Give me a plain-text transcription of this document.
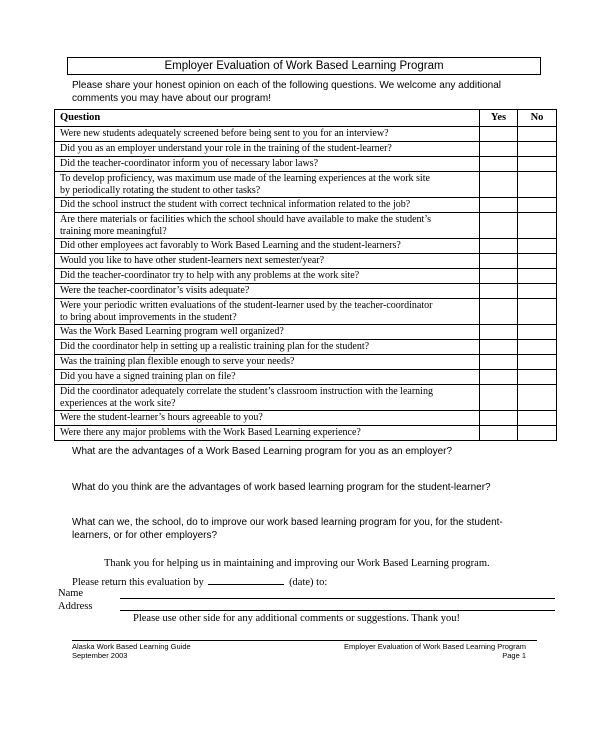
Employer Evaluation of Work Based Learning Program
Please share your honest opinion on each of the following questions. We welcome any additional
comments you may have about our program!
Question	Yes	No

Were new students adequately screened before being sent to you for an interview?		

Did you as an employer understand your role in the training of the student-learner?		

Did the teacher-coordinator inform you of necessary labor laws?		

To develop proficiency, was maximum use made of the learning experiences at the work site
by periodically rotating the student to other tasks?		

Did the school instruct the student with correct technical information related to the job?		

Are there materials or facilities which the school should have available to make the student’s
training more meaningful?		

Did other employees act favorably to Work Based Learning and the student-learners?		

Would you like to have other student-learners next semester/year?		

Did the teacher-coordinator try to help with any problems at the work site?		

Were the teacher-coordinator’s visits adequate?		

Were your periodic written evaluations of the student-learner used by the teacher-coordinator
to bring about improvements in the student?		

Was the Work Based Learning program well organized?		

Did the coordinator help in setting up a realistic training plan for the student?		

Was the training plan flexible enough to serve your needs?		

Did you have a signed training plan on file?		

Did the coordinator adequately correlate the student’s classroom instruction with the learning
experiences at the work site?		

Were the student-learner’s hours agreeable to you?		

Were there any major problems with the Work Based Learning experience?		

What are the advantages of a Work Based Learning program for you as an employer?
What do you think are the advantages of work based learning program for the student-learner?
What can we, the school, do to improve our work based learning program for you, for the student-
learners, or for other employers?
Thank you for helping us in maintaining and improving our Work Based Learning program.
Please return this evaluation by	(date) to:
Name
Address
Please use other side for any additional comments or suggestions. Thank you!
Alaska Work Based Learning Guide
September 2003
Employer Evaluation of Work Based Learning Program
Page 1
